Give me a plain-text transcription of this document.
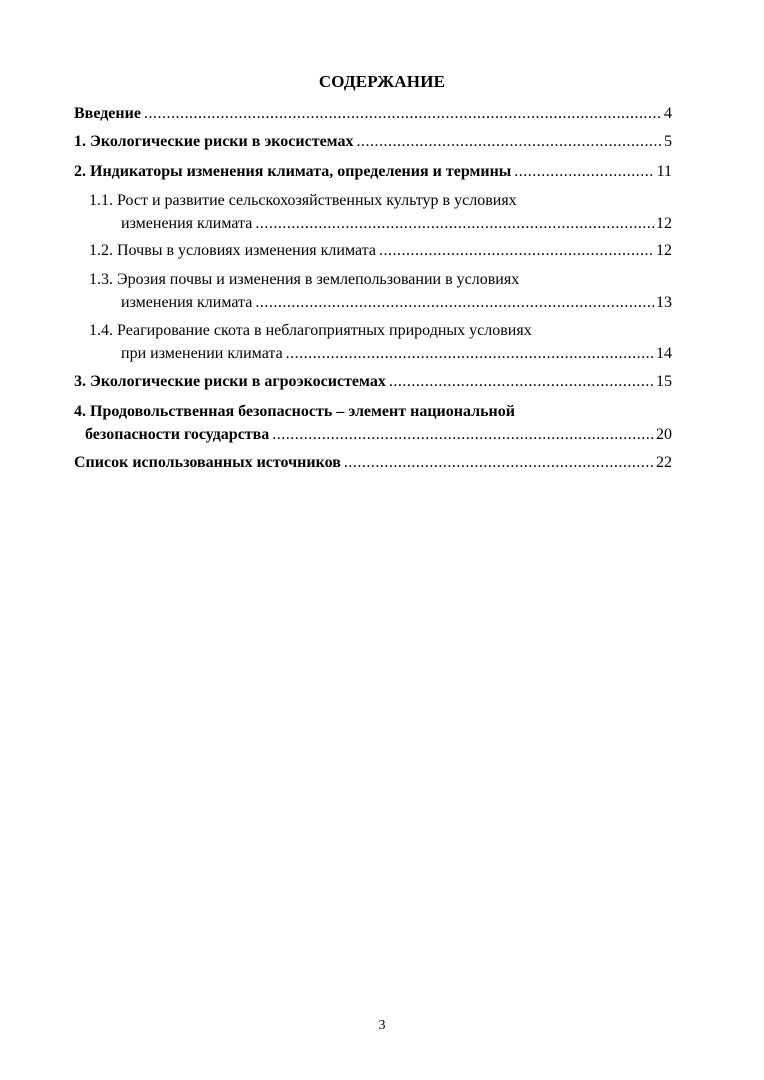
СОДЕРЖАНИЕ
Введение .....	4
1. Экологические риски в экосистемах .....	5
2. Индикаторы изменения климата, определения и термины .....	11
1.1. Рост и развитие сельскохозяйственных культур в условиях
изменения климата .....	12
1.2. Почвы в условиях изменения климата .....	12
1.3. Эрозия почвы и изменения в землепользовании в условиях
изменения климата .....	13
1.4. Реагирование скота в неблагоприятных природных условиях
при изменении климата .....	14
3. Экологические риски в агроэкосистемах .....	15
4. Продовольственная безопасность – элемент национальной
безопасности государства .....	20
Список использованных источников .....	22
3
